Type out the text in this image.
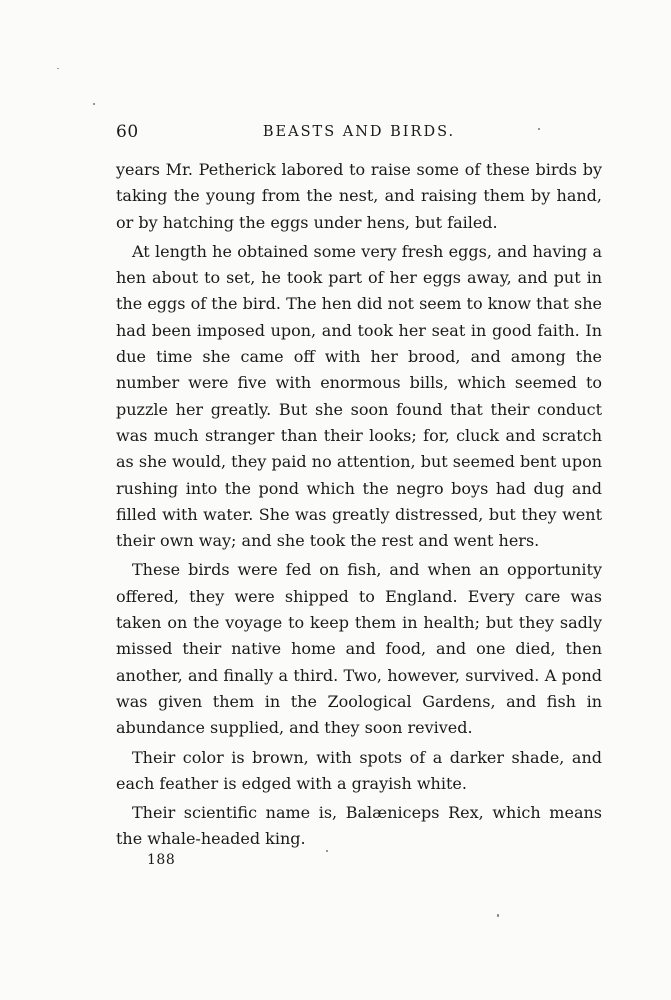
60	BEASTS AND BIRDS.

years Mr. Petherick labored to raise some of these birds by taking the young from the nest, and raising them by hand, or by hatching the eggs under hens, but failed.

At length he obtained some very fresh eggs, and having a hen about to set, he took part of her eggs away, and put in the eggs of the bird. The hen did not seem to know that she had been imposed upon, and took her seat in good faith. In due time she came off with her brood, and among the number were five with enormous bills, which seemed to puzzle her greatly. But she soon found that their conduct was much stranger than their looks; for, cluck and scratch as she would, they paid no attention, but seemed bent upon rushing into the pond which the negro boys had dug and filled with water. She was greatly distressed, but they went their own way; and she took the rest and went hers.

These birds were fed on fish, and when an opportunity offered, they were shipped to England. Every care was taken on the voyage to keep them in health; but they sadly missed their native home and food, and one died, then another, and finally a third. Two, however, survived. A pond was given them in the Zoological Gardens, and fish in abundance supplied, and they soon revived.

Their color is brown, with spots of a darker shade, and each feather is edged with a grayish white.

Their scientific name is, Balæniceps Rex, which means the whale-headed king.

188
